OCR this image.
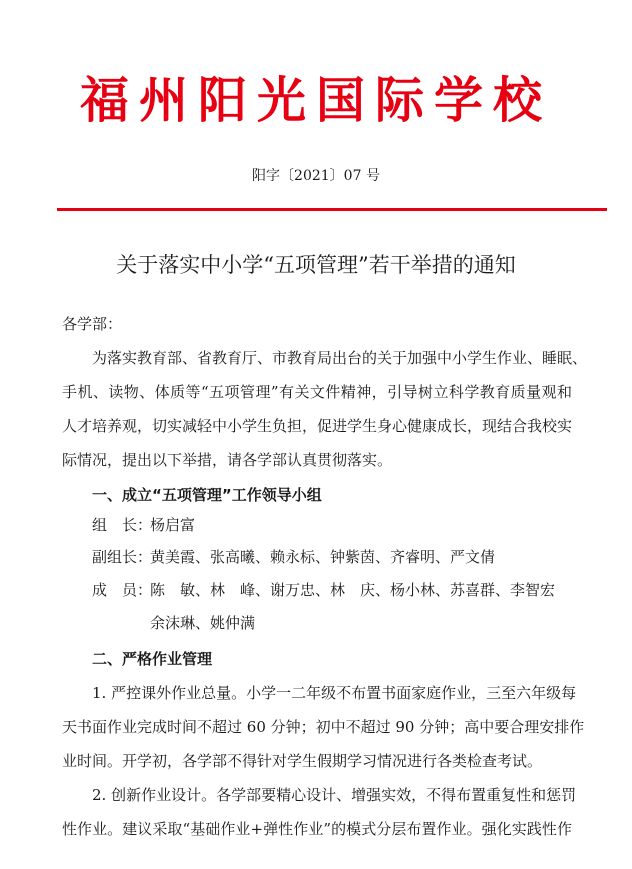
福州阳光国际学校
阳字〔2021〕07 号
关于落实中小学“五项管理”若干举措的通知
各学部：
为落实教育部、省教育厅、市教育局出台的关于加强中小学生作业、睡眠、
手机、读物、体质等“五项管理”有关文件精神，引导树立科学教育质量观和
人才培养观，切实减轻中小学生负担，促进学生身心健康成长，现结合我校实
际情况，提出以下举措，请各学部认真贯彻落实。
一、成立“五项管理”工作领导小组
组　长：杨启富
副组长：黄美霞、张高曦、赖永标、钟紫茵、齐睿明、严文倩
成　员：陈　敏、林　峰、谢万忠、林　庆、杨小林、苏喜群、李智宏
余沫琳、姚仲满
二、严格作业管理
1. 严控课外作业总量。小学一二年级不布置书面家庭作业，三至六年级每
天书面作业完成时间不超过 60 分钟；初中不超过 90 分钟；高中要合理安排作
业时间。开学初，各学部不得针对学生假期学习情况进行各类检查考试。
2. 创新作业设计。各学部要精心设计、增强实效，不得布置重复性和惩罚
性作业。建议采取“基础作业+弹性作业”的模式分层布置作业。强化实践性作
